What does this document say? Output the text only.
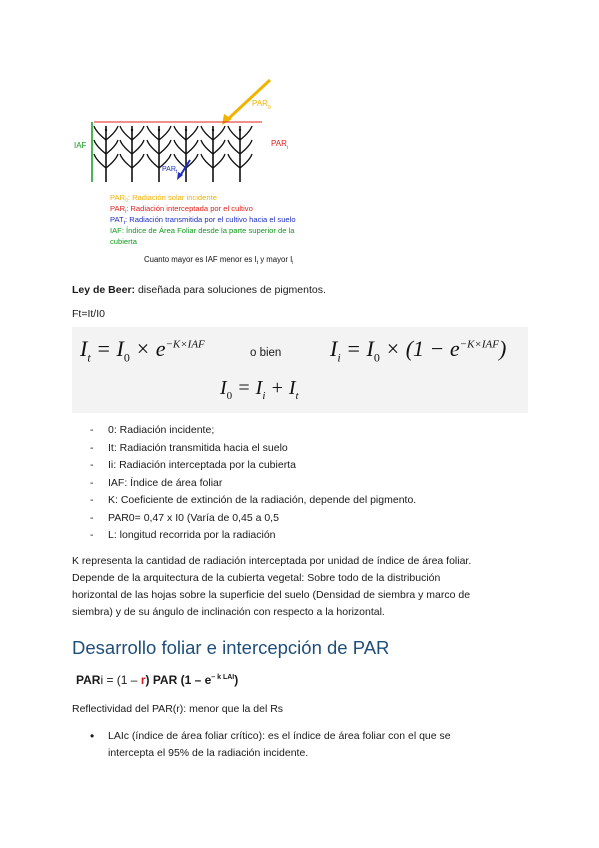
$PAR_0$
$PAR_i$
IAF
$PAR_t$
$PAR_0$: Radiación solar incidente
$PAR_i$: Radiación interceptada por el cultivo
$PAT_t$: Radiación transmitida por el cultivo hacia el suelo
IAF: Índice de Área Foliar desde la parte superior de la
cubierta
Cuanto mayor es IAF menor es $I_t$ y mayor $I_i$
Ley de Beer: diseñada para soluciones de pigmentos.
Ft=It/I0
$I_t = I_0 \times e^{-K\times IAF}$
o bien $I_i = I_0 \times (1 - e^{-K\times IAF})$
$I_0 = I_i + I_t$
- 0: Radiación incidente;
- It: Radiación transmitida hacia el suelo
- Ii: Radiación interceptada por la cubierta
- IAF: Índice de área foliar
- K: Coeficiente de extinción de la radiación, depende del pigmento.
- PAR0= 0,47 x I0 (Varía de 0,45 a 0,5
- L: longitud recorrida por la radiación
K representa la cantidad de radiación interceptada por unidad de índice de área foliar.
Depende de la arquitectura de la cubierta vegetal: Sobre todo de la distribución
horizontal de las hojas sobre la superficie del suelo (Densidad de siembra y marco de
siembra) y de su ángulo de inclinación con respecto a la horizontal.
Desarrollo foliar e intercepción de PAR
PARi = (1 – r) PAR $(1 - e^{- k LAI})$
Reflectividad del PAR(r): menor que la del Rs
• LAIc (índice de área foliar crítico): es el índice de área foliar con el que se
intercepta el 95% de la radiación incidente.
